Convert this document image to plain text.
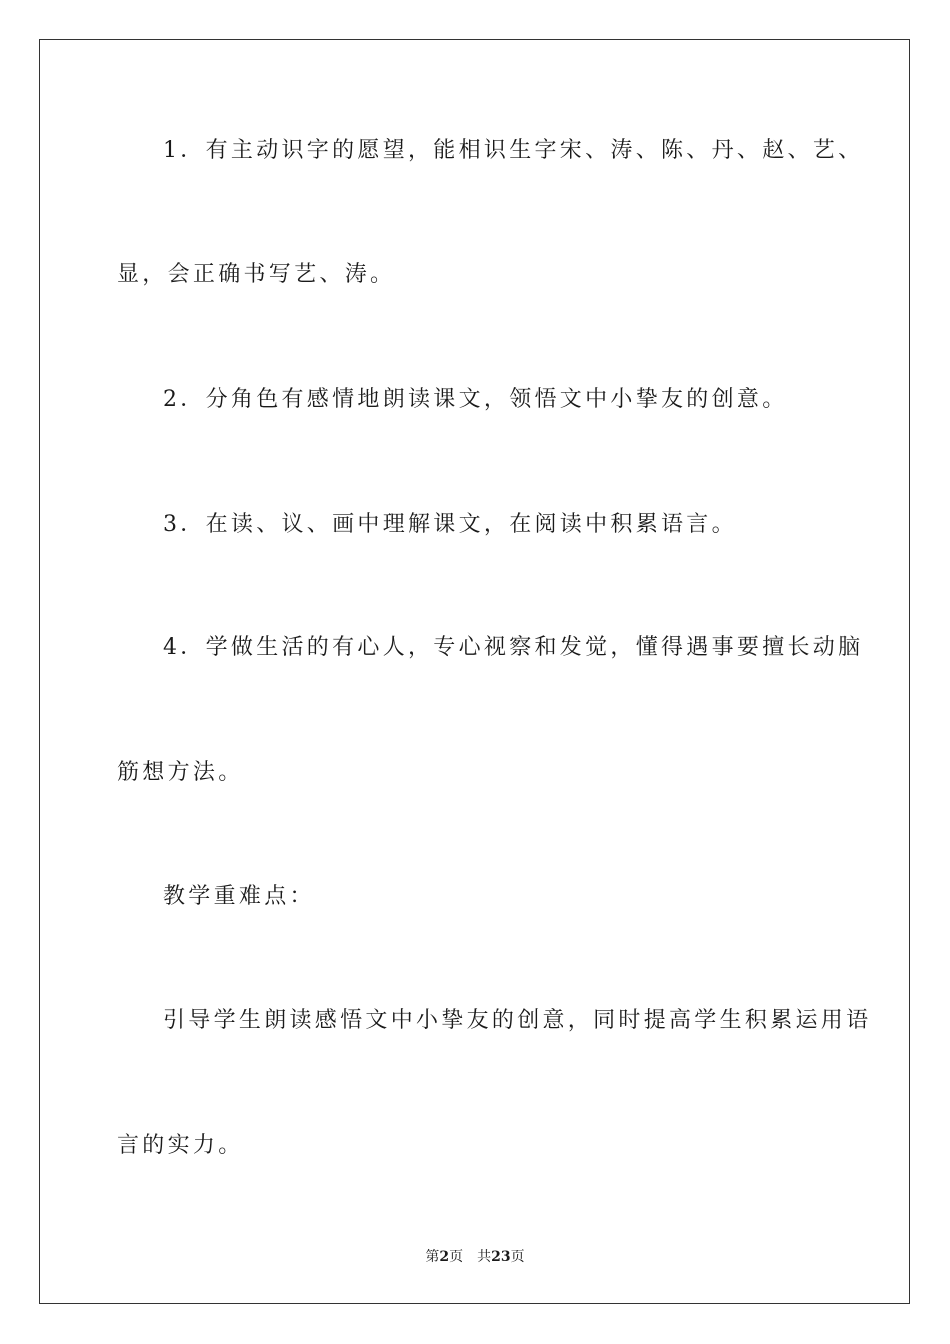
1．有主动识字的愿望，能相识生字宋、涛、陈、丹、赵、艺、
显，会正确书写艺、涛。
2．分角色有感情地朗读课文，领悟文中小挚友的创意。
3．在读、议、画中理解课文，在阅读中积累语言。
4．学做生活的有心人，专心视察和发觉，懂得遇事要擅长动脑
筋想方法。
教学重难点：
引导学生朗读感悟文中小挚友的创意，同时提高学生积累运用语
言的实力。
第2页 共23页
